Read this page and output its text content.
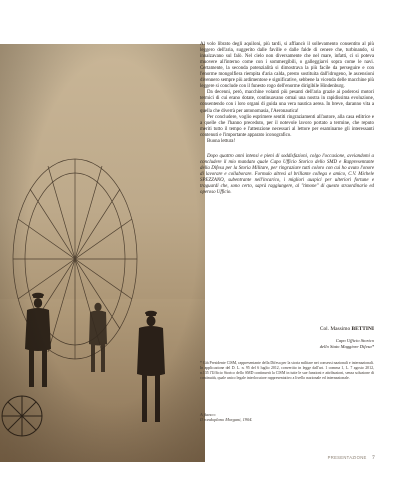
Al volo librato degli aquiloni, più tardi, si affiancò il sollevamento consentito al più leggero dell'aria, suggerito dalle faville e dalle falde di cenere che, turbinando, si innalzavano sul falò. Nel cielo non diversamente che nel mare, infatti, ci si poteva muovere all'interno come con i sommergibili, o galleggiarvi sopra come le navi. Certamente, la seconda potenzialità si dimostrava la più facile da perseguire e con l'enorme mongolfiera riempita d'aria calda, presto sostituita dall'idrogeno, le ascensioni divennero sempre più ardimentose e significative, sebbene la vicenda delle macchine più leggere si conclude con il funesto rogo dell'enorme dirigibile Hindenburg.

Da decenni, però, macchine volanti più pesanti dell'aria grazie ai poderosi motori termici di cui erano dotate, continuavano ormai una nostra in rapidissima evoluzione, consentendo con i loro organi di guida una vera nautica aerea. In breve, daranno vita a quella che diverrà per antonomasia, l'Aeronautica!

Per concludere, voglio esprimere sentiti ringraziamenti all'autore, alla casa editrice e a quelle che l'hanno preceduto, per il notevole lavoro portato a termine, che reputo meriti tutto il tempo e l'attenzione necessari al lettore per esaminarne gli interessanti contenuti e l'importante apparato iconografico.

Buona lettura!

Dopo quattro anni intensi e pieni di soddisfazioni, colgo l'occasione, avviandomi a concludere il mio mandato quale Capo Ufficio Storico dello SMD e Rappresentante della Difesa per la Storia Militare, per ringraziare tutti coloro con cui ho avuto l'onore di lavorare e collaborare. Formulo altresì al brillante collega e amico, C.V. Michele SPEZZANO, subentrante nell'incarico, i migliori auspici per ulteriori fortune e traguardi che, sono certo, saprà raggiungere, al "timone" di questo straordinario ed operoso Ufficio.

Col. Massimo BETTINI
Capo Ufficio Storico
dello Stato Maggiore Difesa*
* Già Presidente CISM, rappresentante della Difesa per la storia militare nei consessi nazionali e internazionali. In applicazione del D. L. n. 95 del 6 luglio 2012, convertito in legge dall'art. 1 comma 1, L. 7 agosto 2012, n.135 l'Ufficio Storico dello SMD continuerà la CISM in tutte le sue funzioni e attribuzioni, senza soluzione di continuità, quale unico legale interlocutore rappresentativo a livello nazionale ed internazionale.
A fianco:
Il rondoplano Morgani, 1904.
PRESENTAZIONE 7
